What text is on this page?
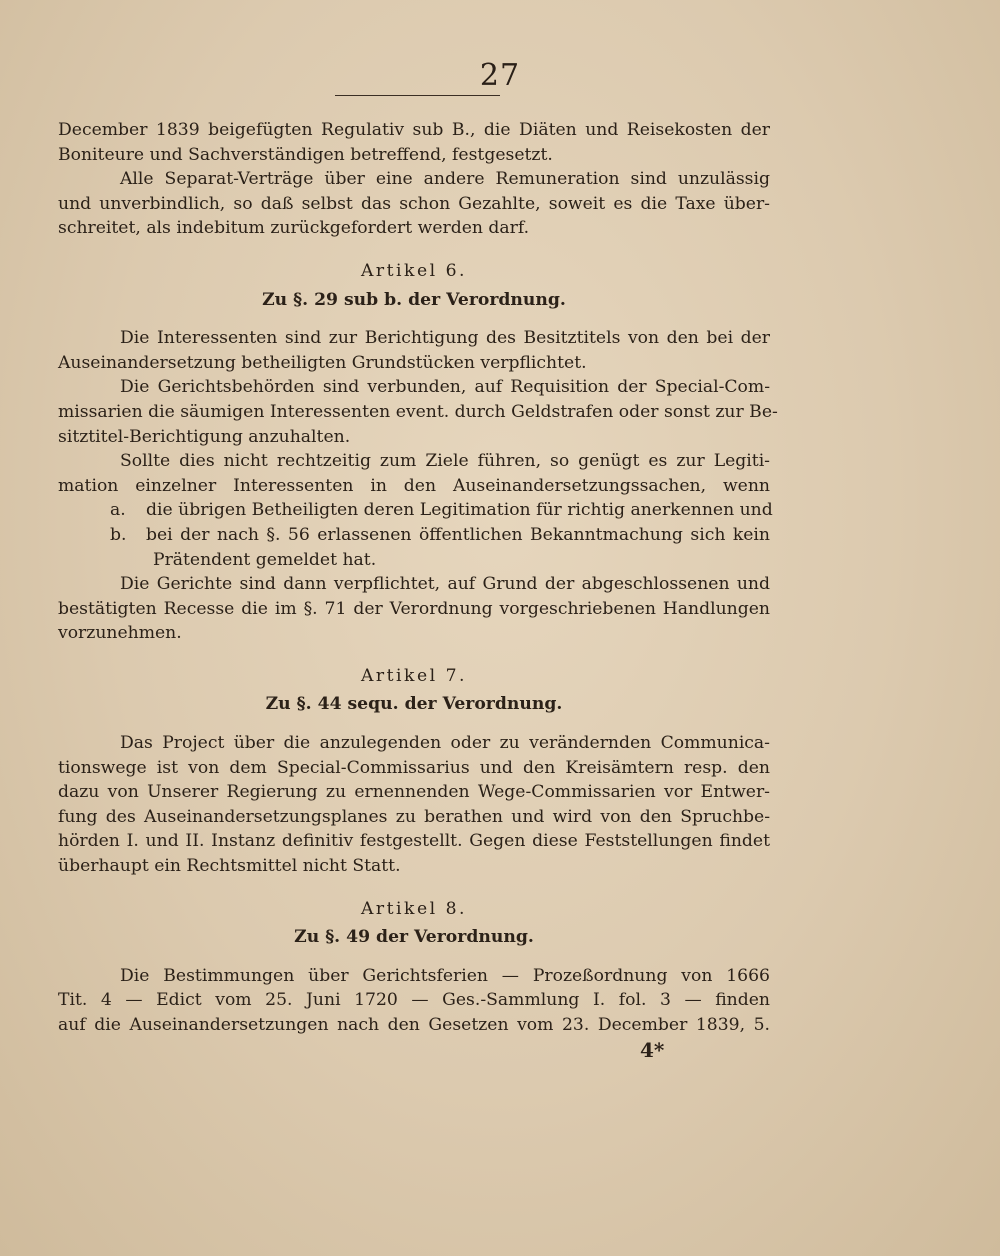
27
December 1839 beigefügten Regulativ sub B., die Diäten und Reisekosten der
Boniteure und Sachverständigen betreffend, festgesetzt.
Alle Separat-Verträge über eine andere Remuneration sind unzulässig
und unverbindlich, so daß selbst das schon Gezahlte, soweit es die Taxe über-
schreitet, als indebitum zurückgefordert werden darf.
Artikel 6.
Zu §. 29 sub b. der Verordnung.
Die Interessenten sind zur Berichtigung des Besitztitels von den bei der
Auseinandersetzung betheiligten Grundstücken verpflichtet.
Die Gerichtsbehörden sind verbunden, auf Requisition der Special-Com-
missarien die säumigen Interessenten event. durch Geldstrafen oder sonst zur Be-
sitztitel-Berichtigung anzuhalten.
Sollte dies nicht rechtzeitig zum Ziele führen, so genügt es zur Legiti-
mation einzelner Interessenten in den Auseinandersetzungssachen, wenn
a.	die übrigen Betheiligten deren Legitimation für richtig anerkennen und
b.	bei der nach §. 56 erlassenen öffentlichen Bekanntmachung sich kein
Prätendent gemeldet hat.
Die Gerichte sind dann verpflichtet, auf Grund der abgeschlossenen und
bestätigten Recesse die im §. 71 der Verordnung vorgeschriebenen Handlungen
vorzunehmen.
Artikel 7.
Zu §. 44 sequ. der Verordnung.
Das Project über die anzulegenden oder zu verändernden Communica-
tionswege ist von dem Special-Commissarius und den Kreisämtern resp. den
dazu von Unserer Regierung zu ernennenden Wege-Commissarien vor Entwer-
fung des Auseinandersetzungsplanes zu berathen und wird von den Spruchbe-
hörden I. und II. Instanz definitiv festgestellt. Gegen diese Feststellungen findet
überhaupt ein Rechtsmittel nicht Statt.
Artikel 8.
Zu §. 49 der Verordnung.
Die Bestimmungen über Gerichtsferien — Prozeßordnung von 1666
Tit. 4 — Edict vom 25. Juni 1720 — Ges.-Sammlung I. fol. 3 — finden
auf die Auseinandersetzungen nach den Gesetzen vom 23. December 1839, 5.
4*
